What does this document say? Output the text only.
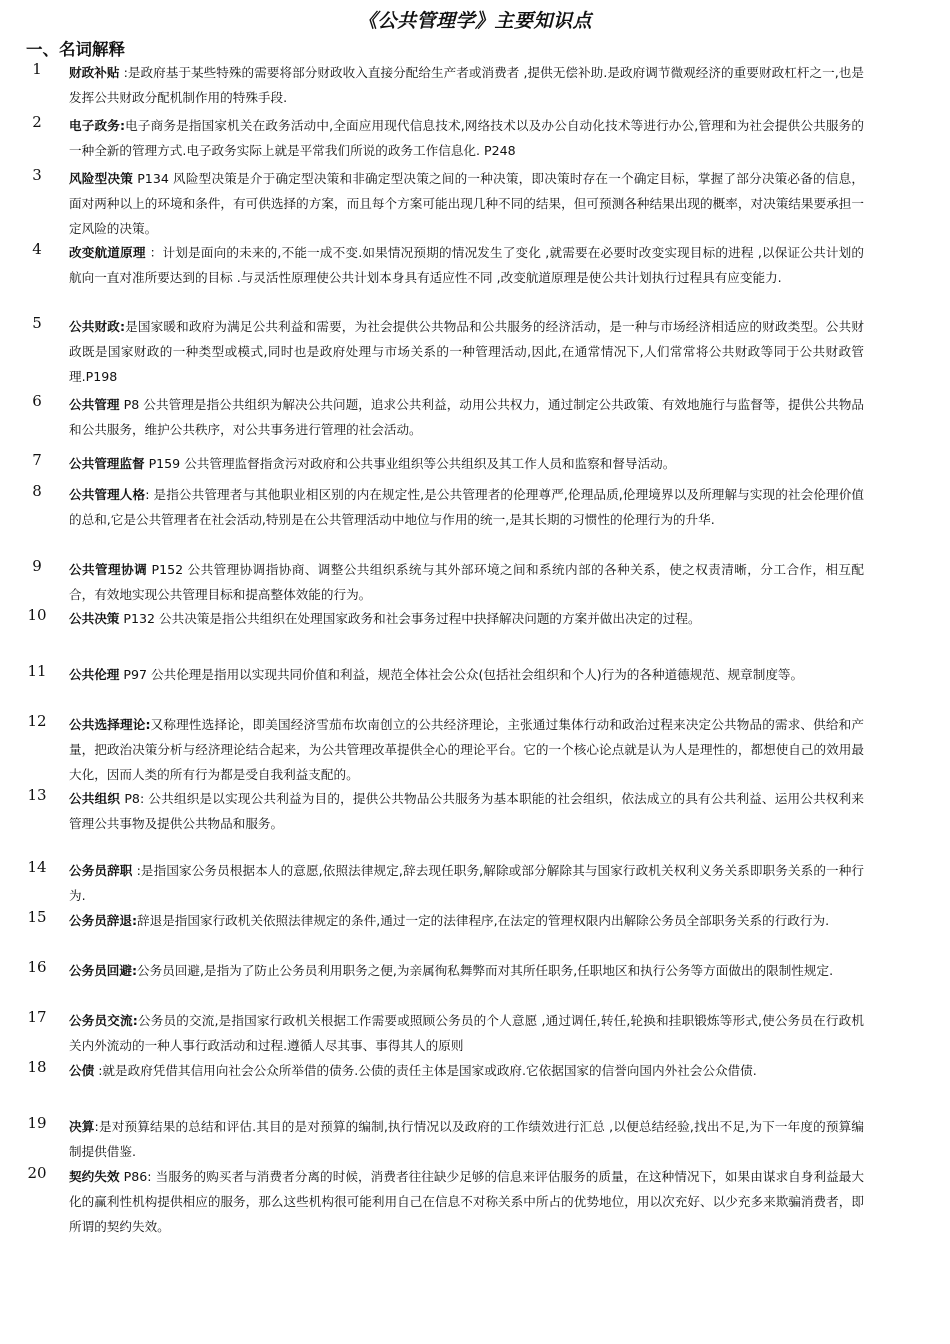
《公共管理学》主要知识点
一、名词解释
1	财政补贴 :是政府基于某些特殊的需要将部分财政收入直接分配给生产者或消费者 ,提供无偿补助.是政府调节微观经济的重要财政杠杆之一,也是发挥公共财政分配机制作用的特殊手段.
2	电子政务:电子商务是指国家机关在政务活动中,全面应用现代信息技术,网络技术以及办公自动化技术等进行办公,管理和为社会提供公共服务的一种全新的管理方式.电子政务实际上就是平常我们所说的政务工作信息化. P248
3	风险型决策 P134 风险型决策是介于确定型决策和非确定型决策之间的一种决策，即决策时存在一个确定目标，掌握了部分决策必备的信息，面对两种以上的环境和条件，有可供选择的方案，而且每个方案可能出现几种不同的结果，但可预测各种结果出现的概率，对决策结果要承担一定风险的决策。
4	改变航道原理 ：计划是面向的未来的,不能一成不变.如果情况预期的情况发生了变化 ,就需要在必要时改变实现目标的进程 ,以保证公共计划的航向一直对准所要达到的目标 .与灵活性原理使公共计划本身具有适应性不同 ,改变航道原理是使公共计划执行过程具有应变能力.
5	公共财政:是国家暖和政府为满足公共利益和需要，为社会提供公共物品和公共服务的经济活动，是一种与市场经济相适应的财政类型。公共财政既是国家财政的一种类型或模式,同时也是政府处理与市场关系的一种管理活动,因此,在通常情况下,人们常常将公共财政等同于公共财政管理.P198
6	公共管理 P8 公共管理是指公共组织为解决公共问题，追求公共利益，动用公共权力，通过制定公共政策、有效地施行与监督等，提供公共物品和公共服务，维护公共秩序，对公共事务进行管理的社会活动。
7	公共管理监督 P159 公共管理监督指贪污对政府和公共事业组织等公共组织及其工作人员和监察和督导活动。
8	公共管理人格: 是指公共管理者与其他职业相区别的内在规定性,是公共管理者的伦理尊严,伦理品质,伦理境界以及所理解与实现的社会伦理价值的总和,它是公共管理者在社会活动,特别是在公共管理活动中地位与作用的统一,是其长期的习惯性的伦理行为的升华.
9	公共管理协调 P152 公共管理协调指协商、调整公共组织系统与其外部环境之间和系统内部的各种关系，使之权责清晰，分工合作，相互配合，有效地实现公共管理目标和提高整体效能的行为。
10	公共决策 P132 公共决策是指公共组织在处理国家政务和社会事务过程中抉择解决问题的方案并做出决定的过程。
11	公共伦理 P97 公共伦理是指用以实现共同价值和利益，规范全体社会公众(包括社会组织和个人)行为的各种道德规范、规章制度等。
12	公共选择理论:又称理性选择论，即美国经济雪茄布坎南创立的公共经济理论，主张通过集体行动和政治过程来决定公共物品的需求、供给和产量，把政治决策分析与经济理论结合起来，为公共管理改革提供全心的理论平台。它的一个核心论点就是认为人是理性的，都想使自己的效用最大化，因而人类的所有行为都是受自我利益支配的。
13	公共组织 P8: 公共组织是以实现公共利益为目的，提供公共物品公共服务为基本职能的社会组织，依法成立的具有公共利益、运用公共权利来管理公共事物及提供公共物品和服务。
14	公务员辞职 :是指国家公务员根据本人的意愿,依照法律规定,辞去现任职务,解除或部分解除其与国家行政机关权利义务关系即职务关系的一种行为.
15	公务员辞退:辞退是指国家行政机关依照法律规定的条件,通过一定的法律程序,在法定的管理权限内出解除公务员全部职务关系的行政行为.
16	公务员回避:公务员回避,是指为了防止公务员利用职务之便,为亲属徇私舞弊而对其所任职务,任职地区和执行公务等方面做出的限制性规定.
17	公务员交流:公务员的交流,是指国家行政机关根据工作需要或照顾公务员的个人意愿 ,通过调任,转任,轮换和挂职锻炼等形式,使公务员在行政机关内外流动的一种人事行政活动和过程.遵循人尽其事、事得其人的原则
18	公债 :就是政府凭借其信用向社会公众所举借的债务.公债的责任主体是国家或政府.它依据国家的信誉向国内外社会公众借债.
19	决算:是对预算结果的总结和评估.其目的是对预算的编制,执行情况以及政府的工作绩效进行汇总 ,以便总结经验,找出不足,为下一年度的预算编制提供借鉴.
20	契约失效 P86: 当服务的购买者与消费者分离的时候，消费者往往缺少足够的信息来评估服务的质量，在这种情况下，如果由谋求自身利益最大化的赢利性机构提供相应的服务，那么这些机构很可能利用自己在信息不对称关系中所占的优势地位，用以次充好、以少充多来欺骗消费者，即所谓的契约失效。
